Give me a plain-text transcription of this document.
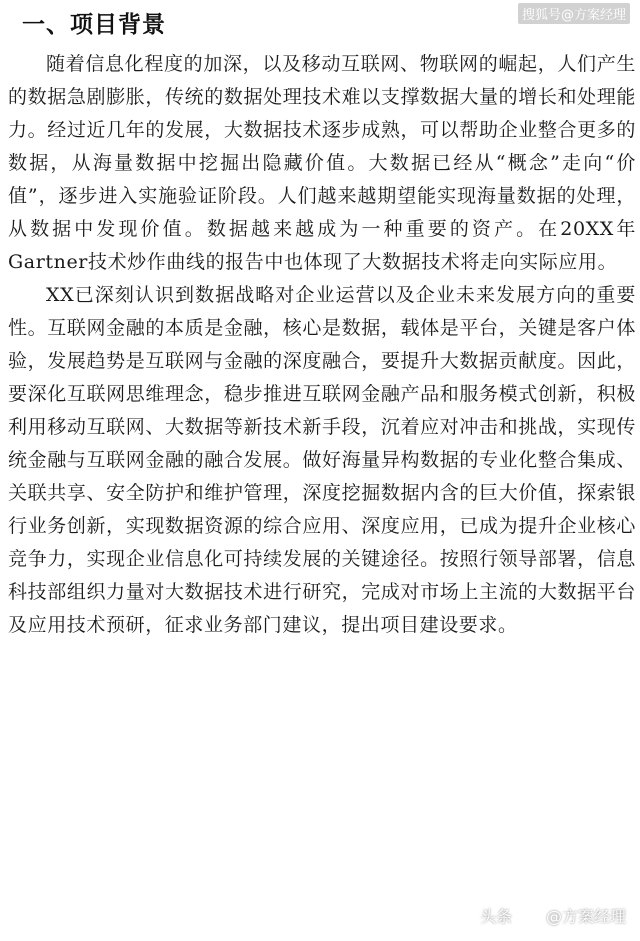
一、项目背景	搜狐号@方案经理

随着信息化程度的加深，以及移动互联网、物联网的崛起，人们产生的数据急剧膨胀，传统的数据处理技术难以支撑数据大量的增长和处理能力。经过近几年的发展，大数据技术逐步成熟，可以帮助企业整合更多的数据，从海量数据中挖掘出隐藏价值。大数据已经从“概念”走向“价值”，逐步进入实施验证阶段。人们越来越期望能实现海量数据的处理，从数据中发现价值。数据越来越成为一种重要的资产。在20XX年Gartner技术炒作曲线的报告中也体现了大数据技术将走向实际应用。

XX已深刻认识到数据战略对企业运营以及企业未来发展方向的重要性。互联网金融的本质是金融，核心是数据，载体是平台，关键是客户体验，发展趋势是互联网与金融的深度融合，要提升大数据贡献度。因此，要深化互联网思维理念，稳步推进互联网金融产品和服务模式创新，积极利用移动互联网、大数据等新技术新手段，沉着应对冲击和挑战，实现传统金融与互联网金融的融合发展。做好海量异构数据的专业化整合集成、关联共享、安全防护和维护管理，深度挖掘数据内含的巨大价值，探索银行业务创新，实现数据资源的综合应用、深度应用，已成为提升企业核心竞争力，实现企业信息化可持续发展的关键途径。按照行领导部署，信息科技部组织力量对大数据技术进行研究，完成对市场上主流的大数据平台及应用技术预研，征求业务部门建议，提出项目建设要求。

头条 @方案经理
